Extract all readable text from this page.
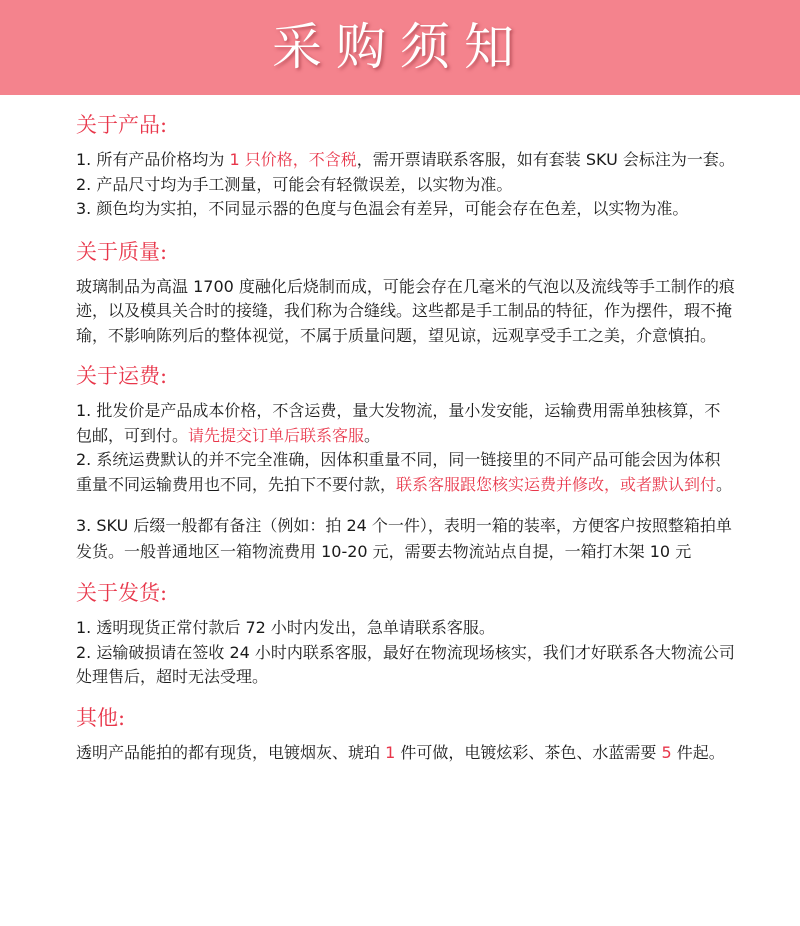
采购须知
关于产品:

1. 所有产品价格均为 1 只价格，不含税，需开票请联系客服，如有套装 SKU 会标注为一套。

2. 产品尺寸均为手工测量，可能会有轻微误差，以实物为准。

3. 颜色均为实拍，不同显示器的色度与色温会有差异，可能会存在色差，以实物为准。

关于质量:

玻璃制品为高温 1700 度融化后烧制而成，可能会存在几毫米的气泡以及流线等手工制作的痕迹，以及模具关合时的接缝，我们称为合缝线。这些都是手工制品的特征，作为摆件，瑕不掩瑜，不影响陈列后的整体视觉，不属于质量问题，望见谅，远观享受手工之美，介意慎拍。

关于运费:

1. 批发价是产品成本价格，不含运费，量大发物流，量小发安能，运输费用需单独核算，不包邮，可到付。请先提交订单后联系客服。

2. 系统运费默认的并不完全准确，因体积重量不同，同一链接里的不同产品可能会因为体积重量不同运输费用也不同，先拍下不要付款，联系客服跟您核实运费并修改，或者默认到付。

3. SKU 后缀一般都有备注（例如：拍 24 个一件），表明一箱的装率，方便客户按照整箱拍单发货。一般普通地区一箱物流费用 10-20 元，需要去物流站点自提，一箱打木架 10 元

关于发货:

1. 透明现货正常付款后 72 小时内发出，急单请联系客服。

2. 运输破损请在签收 24 小时内联系客服，最好在物流现场核实，我们才好联系各大物流公司处理售后，超时无法受理。

其他:

透明产品能拍的都有现货，电镀烟灰、琥珀 1 件可做，电镀炫彩、茶色、水蓝需要 5 件起。
